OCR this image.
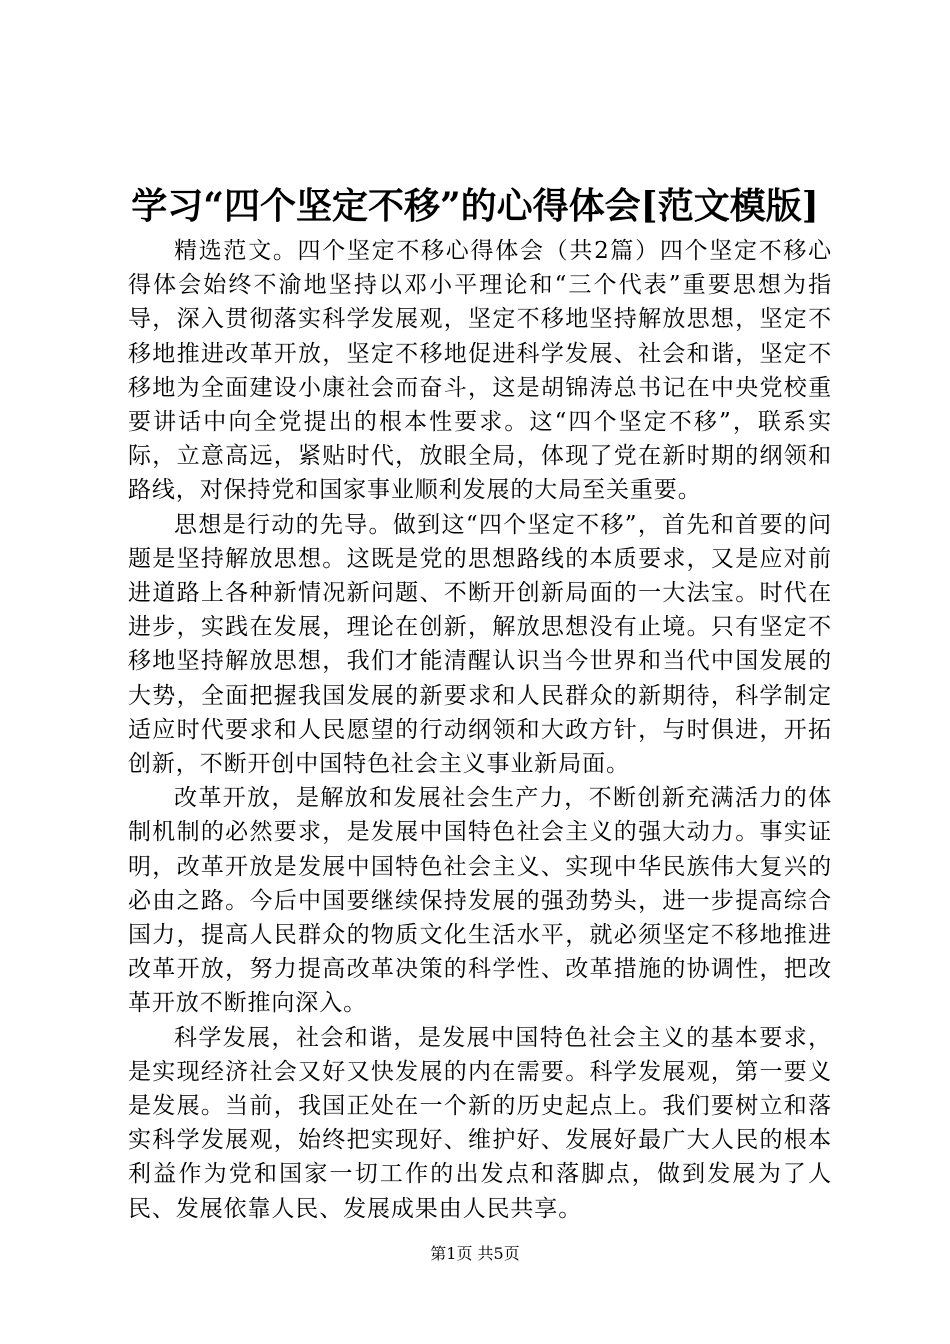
学习“四个坚定不移”的心得体会[范文模版]

精选范文。四个坚定不移心得体会（共2篇）四个坚定不移心得体会始终不渝地坚持以邓小平理论和“三个代表”重要思想为指导，深入贯彻落实科学发展观，坚定不移地坚持解放思想，坚定不移地推进改革开放，坚定不移地促进科学发展、社会和谐，坚定不移地为全面建设小康社会而奋斗，这是胡锦涛总书记在中央党校重要讲话中向全党提出的根本性要求。这“四个坚定不移”，联系实际，立意高远，紧贴时代，放眼全局，体现了党在新时期的纲领和路线，对保持党和国家事业顺利发展的大局至关重要。

思想是行动的先导。做到这“四个坚定不移”，首先和首要的问题是坚持解放思想。这既是党的思想路线的本质要求，又是应对前进道路上各种新情况新问题、不断开创新局面的一大法宝。时代在进步，实践在发展，理论在创新，解放思想没有止境。只有坚定不移地坚持解放思想，我们才能清醒认识当今世界和当代中国发展的大势，全面把握我国发展的新要求和人民群众的新期待，科学制定适应时代要求和人民愿望的行动纲领和大政方针，与时俱进，开拓创新，不断开创中国特色社会主义事业新局面。

改革开放，是解放和发展社会生产力，不断创新充满活力的体制机制的必然要求，是发展中国特色社会主义的强大动力。事实证明，改革开放是发展中国特色社会主义、实现中华民族伟大复兴的必由之路。今后中国要继续保持发展的强劲势头，进一步提高综合国力，提高人民群众的物质文化生活水平，就必须坚定不移地推进改革开放，努力提高改革决策的科学性、改革措施的协调性，把改革开放不断推向深入。

科学发展，社会和谐，是发展中国特色社会主义的基本要求，是实现经济社会又好又快发展的内在需要。科学发展观，第一要义是发展。当前，我国正处在一个新的历史起点上。我们要树立和落实科学发展观，始终把实现好、维护好、发展好最广大人民的根本利益作为党和国家一切工作的出发点和落脚点，做到发展为了人民、发展依靠人民、发展成果由人民共享。

第1页 共5页
